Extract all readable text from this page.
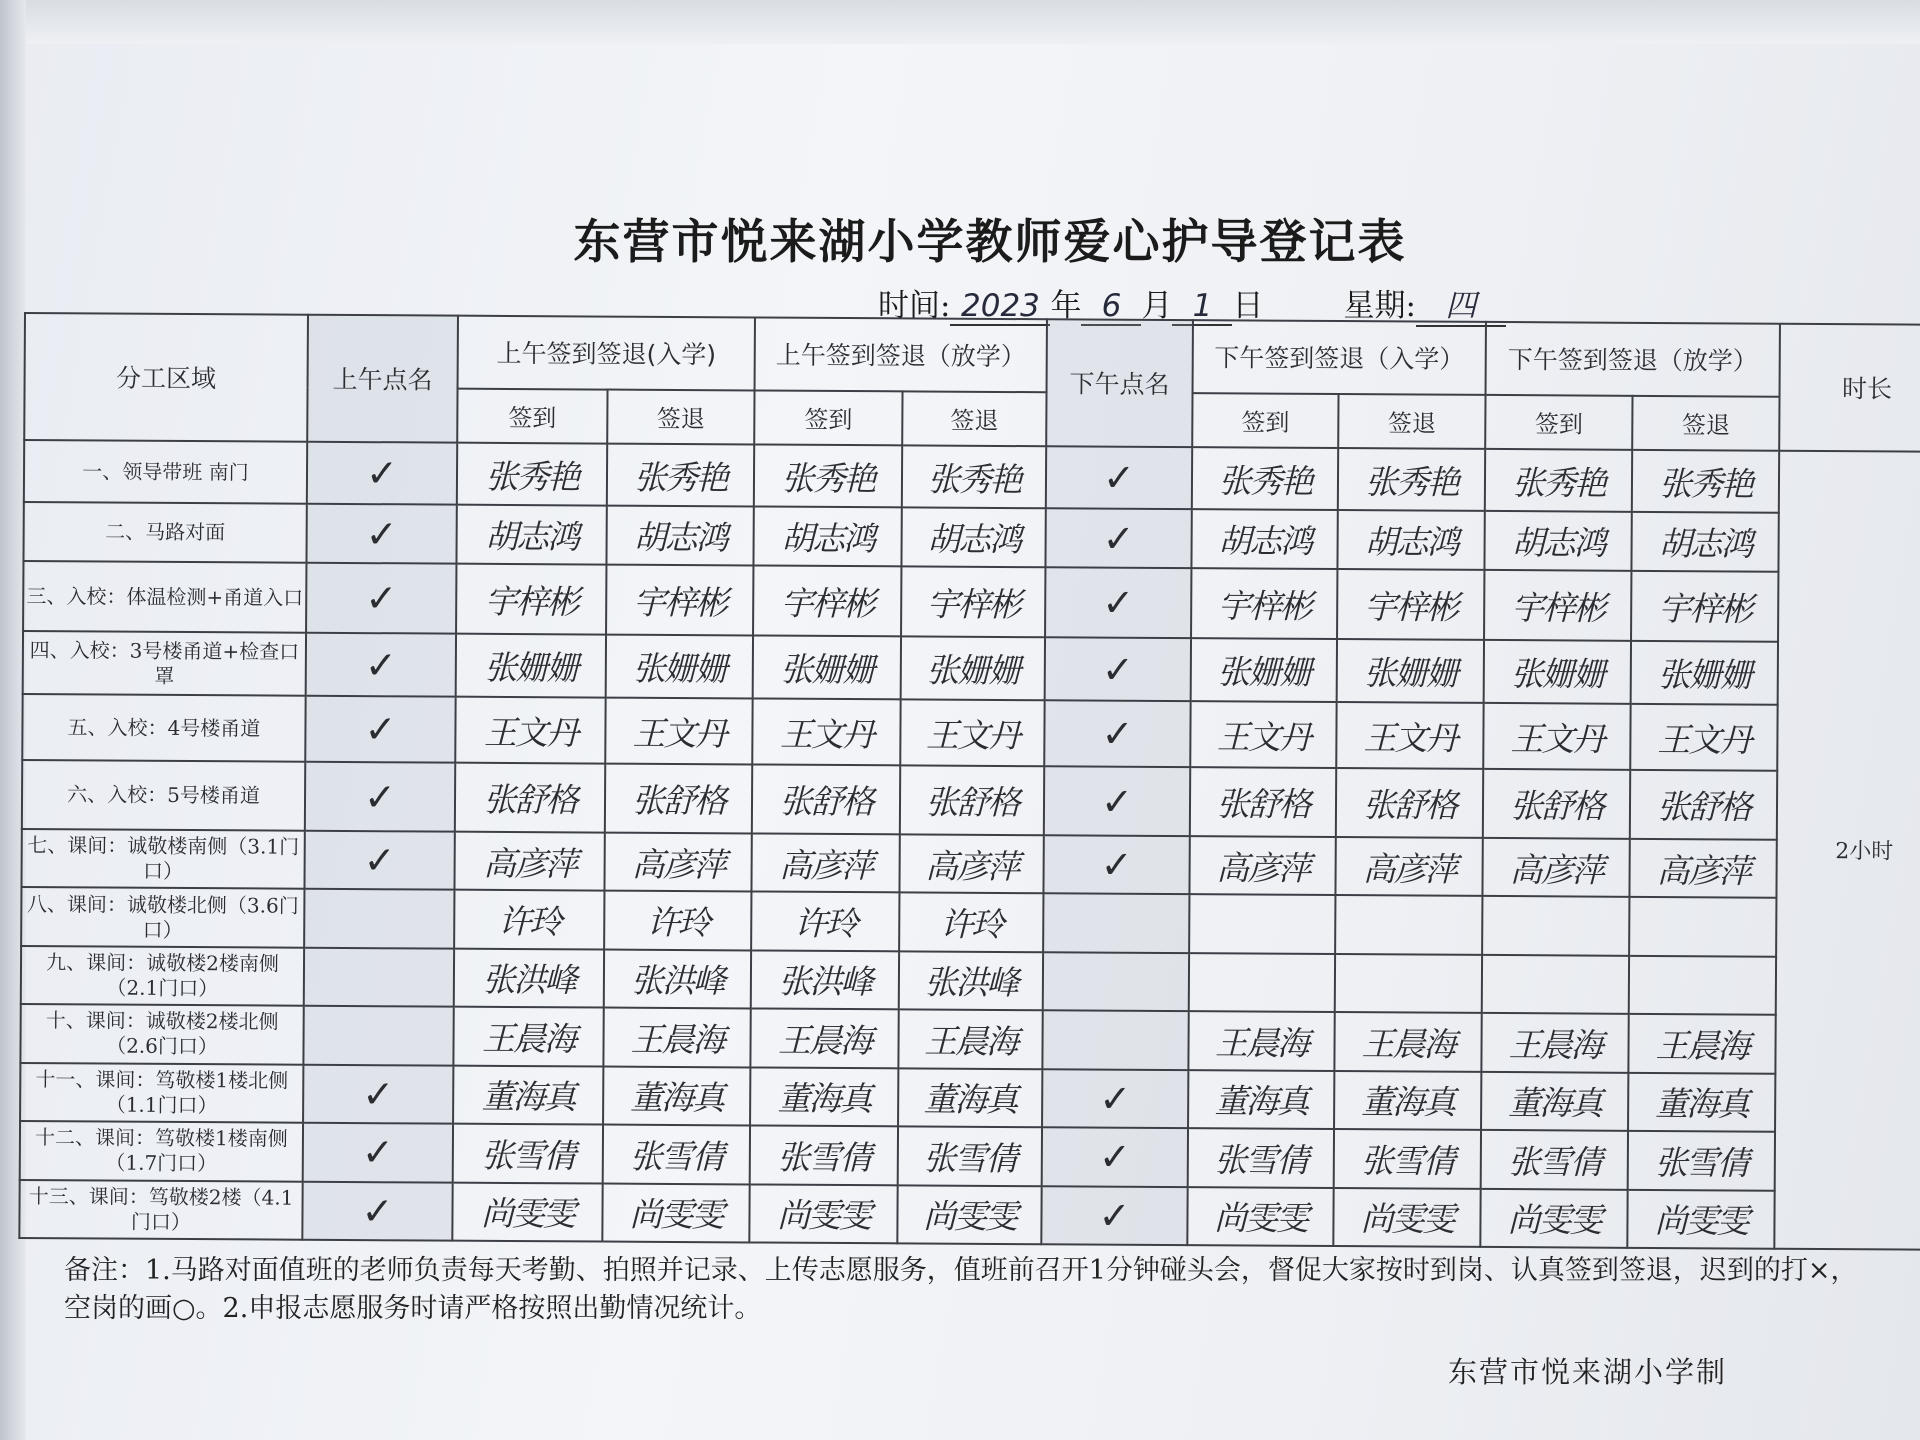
东营市悦来湖小学教师爱心护导登记表
时间: 2023 年 6 月 1 日	星期: 四
分工区域	上午点名	上午签到签退(入学)		上午签到签退（放学）		下午点名	下午签到签退（入学）		下午签到签退（放学）		时长
		签到	签退	签到	签退		签到	签退	签到	签退	
一、领导带班 南门	✓	张秀艳	张秀艳	张秀艳	张秀艳	✓	张秀艳	张秀艳	张秀艳	张秀艳	2小时
二、马路对面	✓	胡志鸿	胡志鸿	胡志鸿	胡志鸿	✓	胡志鸿	胡志鸿	胡志鸿	胡志鸿	
三、入校：体温检测+甬道入口	✓	宇梓彬	宇梓彬	宇梓彬	宇梓彬	✓	宇梓彬	宇梓彬	宇梓彬	宇梓彬	
四、入校：3号楼甬道+检查口罩	✓	张姗姗	张姗姗	张姗姗	张姗姗	✓	张姗姗	张姗姗	张姗姗	张姗姗	
五、入校：4号楼甬道	✓	王文丹	王文丹	王文丹	王文丹	✓	王文丹	王文丹	王文丹	王文丹	
六、入校：5号楼甬道	✓	张舒格	张舒格	张舒格	张舒格	✓	张舒格	张舒格	张舒格	张舒格	
七、课间：诚敬楼南侧（3.1门口）	✓	高彦萍	高彦萍	高彦萍	高彦萍	✓	高彦萍	高彦萍	高彦萍	高彦萍	
八、课间：诚敬楼北侧（3.6门口）		许玲	许玲	许玲	许玲						
九、课间：诚敬楼2楼南侧（2.1门口）		张洪峰	张洪峰	张洪峰	张洪峰						
十、课间：诚敬楼2楼北侧（2.6门口）		王晨海	王晨海	王晨海	王晨海		王晨海	王晨海	王晨海	王晨海	
十一、课间：笃敬楼1楼北侧（1.1门口）	✓	董海真	董海真	董海真	董海真	✓	董海真	董海真	董海真	董海真	
十二、课间：笃敬楼1楼南侧（1.7门口）	✓	张雪倩	张雪倩	张雪倩	张雪倩	✓	张雪倩	张雪倩	张雪倩	张雪倩	
十三、课间：笃敬楼2楼（4.1门口）	✓	尚雯雯	尚雯雯	尚雯雯	尚雯雯	✓	尚雯雯	尚雯雯	尚雯雯	尚雯雯	
备注：1.马路对面值班的老师负责每天考勤、拍照并记录、上传志愿服务，值班前召开1分钟碰头会，督促大家按时到岗、认真签到签退，迟到的打×，空岗的画○。2.申报志愿服务时请严格按照出勤情况统计。
东营市悦来湖小学制
